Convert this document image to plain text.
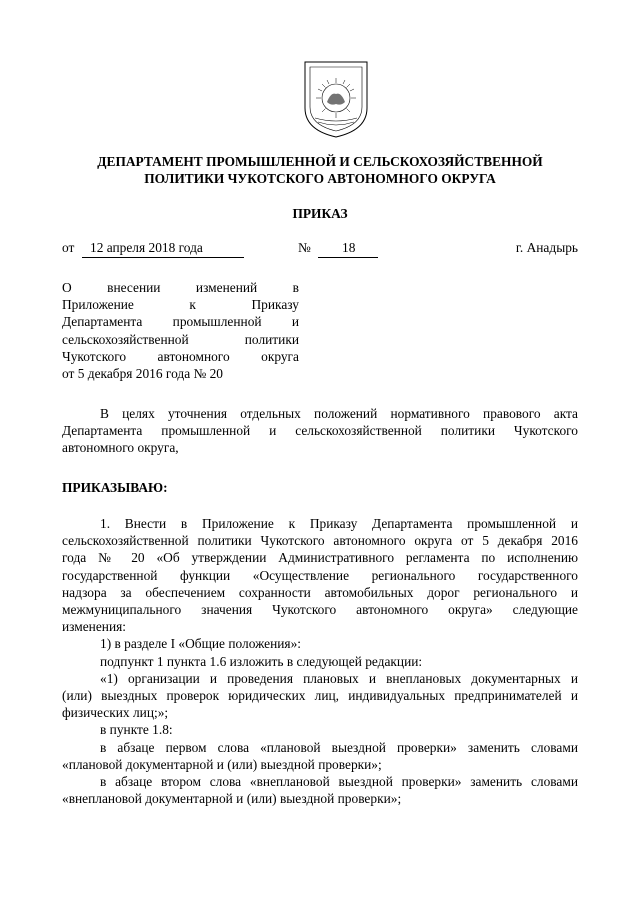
ДЕПАРТАМЕНТ ПРОМЫШЛЕННОЙ И СЕЛЬСКОХОЗЯЙСТВЕННОЙ
ПОЛИТИКИ ЧУКОТСКОГО АВТОНОМНОГО ОКРУГА
ПРИКАЗ
от 12 апреля 2018 года	№ 18	г. Анадырь
О внесении изменений в
Приложение к Приказу
Департамента промышленной и
сельскохозяйственной политики
Чукотского автономного округа
от 5 декабря 2016 года № 20
В целях уточнения отдельных положений нормативного правового акта
Департамента промышленной и сельскохозяйственной политики Чукотского
автономного округа,
ПРИКАЗЫВАЮ:
1. Внести в Приложение к Приказу Департамента промышленной и
сельскохозяйственной политики Чукотского автономного округа от 5 декабря 2016
года № 20 «Об утверждении Административного регламента по исполнению
государственной функции «Осуществление регионального государственного
надзора за обеспечением сохранности автомобильных дорог регионального и
межмуниципального значения Чукотского автономного округа» следующие
изменения:
1) в разделе I «Общие положения»:
подпункт 1 пункта 1.6 изложить в следующей редакции:
«1) организации и проведения плановых и внеплановых документарных и
(или) выездных проверок юридических лиц, индивидуальных предпринимателей и
физических лиц;»;
в пункте 1.8:
в абзаце первом слова «плановой выездной проверки» заменить словами
«плановой документарной и (или) выездной проверки»;
в абзаце втором слова «внеплановой выездной проверки» заменить словами
«внеплановой документарной и (или) выездной проверки»;
